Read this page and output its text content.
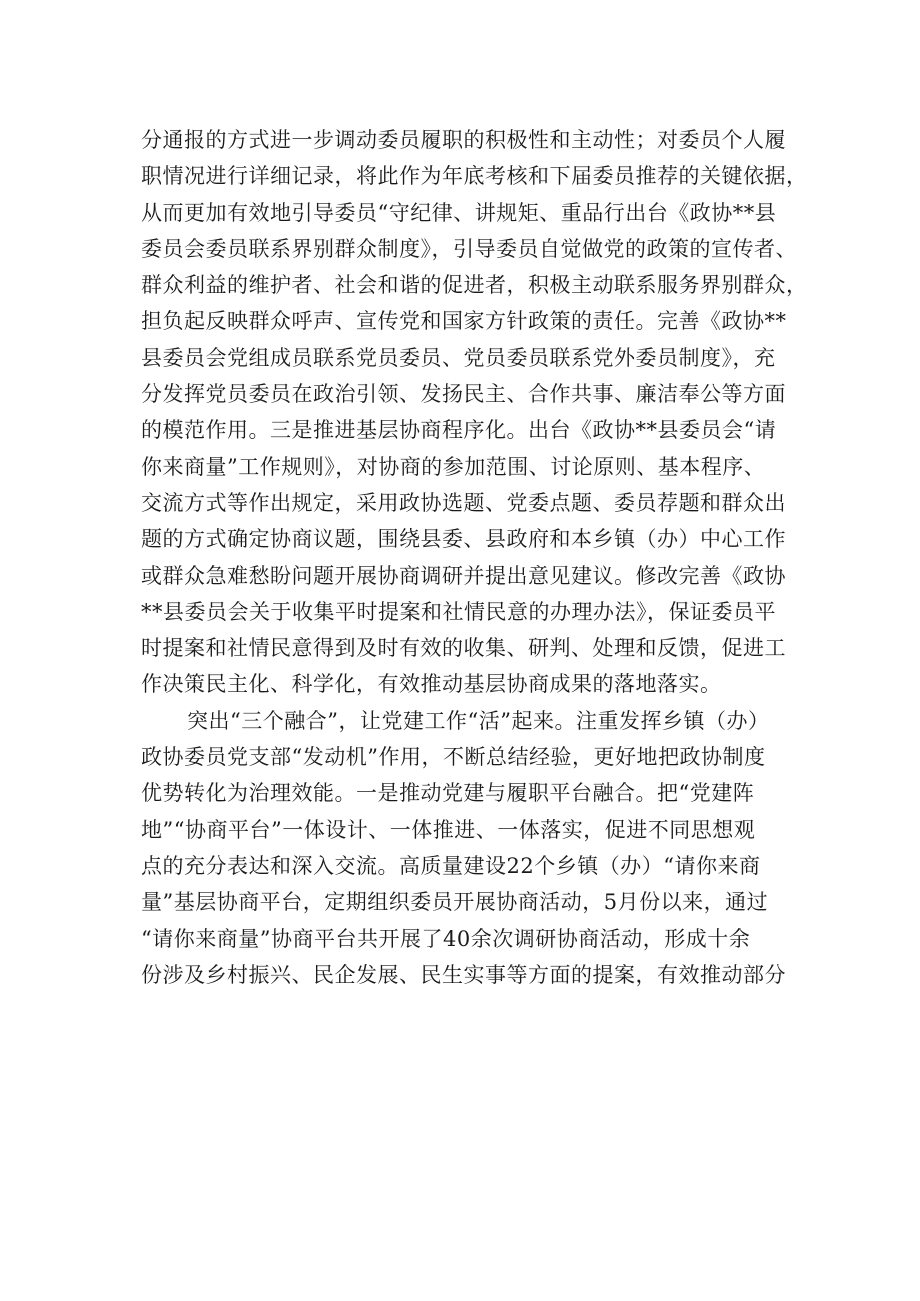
分通报的方式进一步调动委员履职的积极性和主动性；对委员个人履
职情况进行详细记录，将此作为年底考核和下届委员推荐的关键依据，
从而更加有效地引导委员“守纪律、讲规矩、重品行出台《政协**县
委员会委员联系界别群众制度》，引导委员自觉做党的政策的宣传者、
群众利益的维护者、社会和谐的促进者，积极主动联系服务界别群众，
担负起反映群众呼声、宣传党和国家方针政策的责任。完善《政协**
县委员会党组成员联系党员委员、党员委员联系党外委员制度》，充
分发挥党员委员在政治引领、发扬民主、合作共事、廉洁奉公等方面
的模范作用。三是推进基层协商程序化。出台《政协**县委员会“请
你来商量”工作规则》，对协商的参加范围、讨论原则、基本程序、
交流方式等作出规定，采用政协选题、党委点题、委员荐题和群众出
题的方式确定协商议题，围绕县委、县政府和本乡镇（办）中心工作
或群众急难愁盼问题开展协商调研并提出意见建议。修改完善《政协
**县委员会关于收集平时提案和社情民意的办理办法》，保证委员平
时提案和社情民意得到及时有效的收集、研判、处理和反馈，促进工
作决策民主化、科学化，有效推动基层协商成果的落地落实。
突出“三个融合”，让党建工作“活”起来。注重发挥乡镇（办）
政协委员党支部“发动机”作用，不断总结经验，更好地把政协制度
优势转化为治理效能。一是推动党建与履职平台融合。把“党建阵
地”“协商平台”一体设计、一体推进、一体落实，促进不同思想观
点的充分表达和深入交流。高质量建设22个乡镇（办）“请你来商
量”基层协商平台，定期组织委员开展协商活动，5月份以来，通过
“请你来商量”协商平台共开展了40余次调研协商活动，形成十余
份涉及乡村振兴、民企发展、民生实事等方面的提案，有效推动部分
